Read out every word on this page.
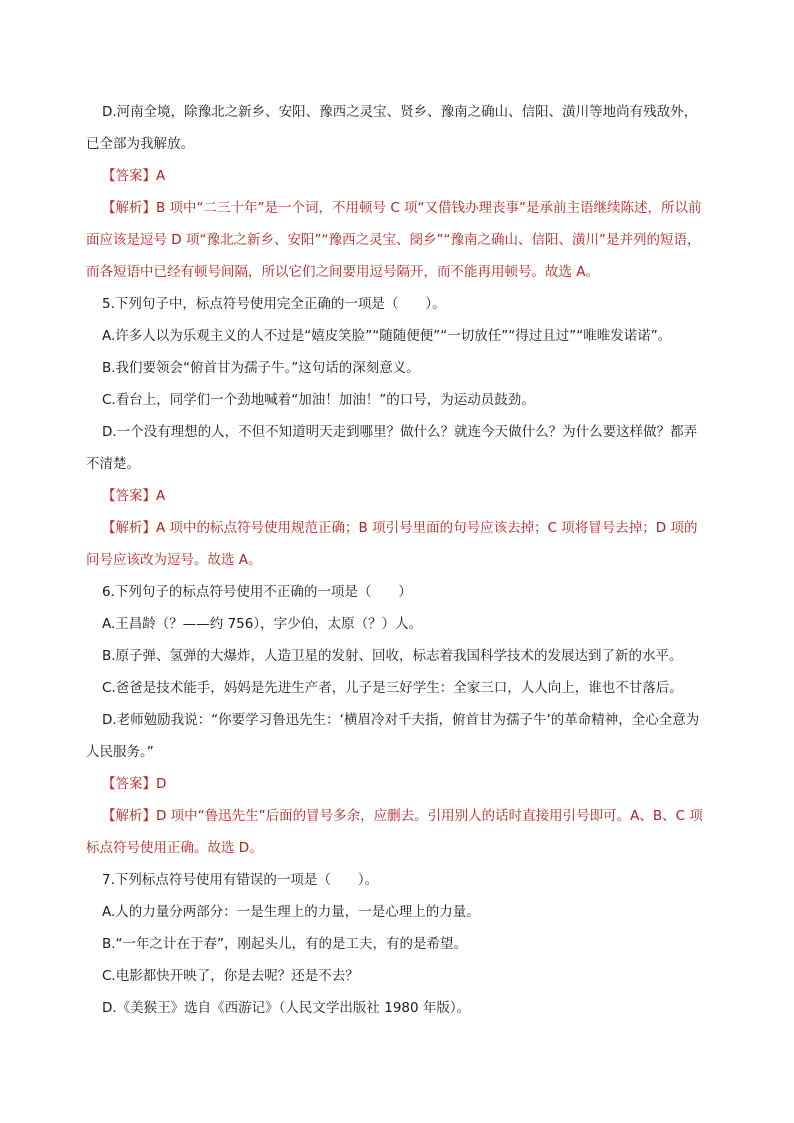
D.河南全境，除豫北之新乡、安阳、豫西之灵宝、贤乡、豫南之确山、信阳、潢川等地尚有残敌外，已全部为我解放。

【答案】A

【解析】B 项中“二三十年”是一个词，不用顿号 C 项“又借钱办理丧事”是承前主语继续陈述，所以前面应该是逗号 D 项“豫北之新乡、安阳”“豫西之灵宝、阌乡”“豫南之确山、信阳、潢川”是并列的短语，而各短语中已经有顿号间隔，所以它们之间要用逗号隔开，而不能再用顿号。故选 A。

5.下列句子中，标点符号使用完全正确的一项是（　　）。

A.许多人以为乐观主义的人不过是“嬉皮笑脸”“随随便便”“一切放任”“得过且过”“唯唯发诺诺”。

B.我们要领会“俯首甘为孺子牛。”这句话的深刻意义。

C.看台上，同学们一个劲地喊着“加油！加油！”的口号，为运动员鼓劲。

D.一个没有理想的人，不但不知道明天走到哪里？做什么？就连今天做什么？为什么要这样做？都弄不清楚。

【答案】A

【解析】A 项中的标点符号使用规范正确；B 项引号里面的句号应该去掉；C 项将冒号去掉；D 项的问号应该改为逗号。故选 A。

6.下列句子的标点符号使用不正确的一项是（　　）

A.王昌龄（？——约 756），字少伯，太原（？）人。

B.原子弹、氢弹的大爆炸，人造卫星的发射、回收，标志着我国科学技术的发展达到了新的水平。

C.爸爸是技术能手，妈妈是先进生产者，儿子是三好学生：全家三口，人人向上，谁也不甘落后。

D.老师勉励我说：“你要学习鲁迅先生：‘横眉冷对千夫指，俯首甘为孺子牛’的革命精神，全心全意为人民服务。”

【答案】D

【解析】D 项中“鲁迅先生”后面的冒号多余，应删去。引用别人的话时直接用引号即可。A、B、C 项标点符号使用正确。故选 D。

7.下列标点符号使用有错误的一项是（　　）。

A.人的力量分两部分：一是生理上的力量，一是心理上的力量。

B.“一年之计在于春”，刚起头儿，有的是工夫，有的是希望。

C.电影都快开映了，你是去呢？还是不去？

D.《美猴王》选自《西游记》（人民文学出版社 1980 年版）。
